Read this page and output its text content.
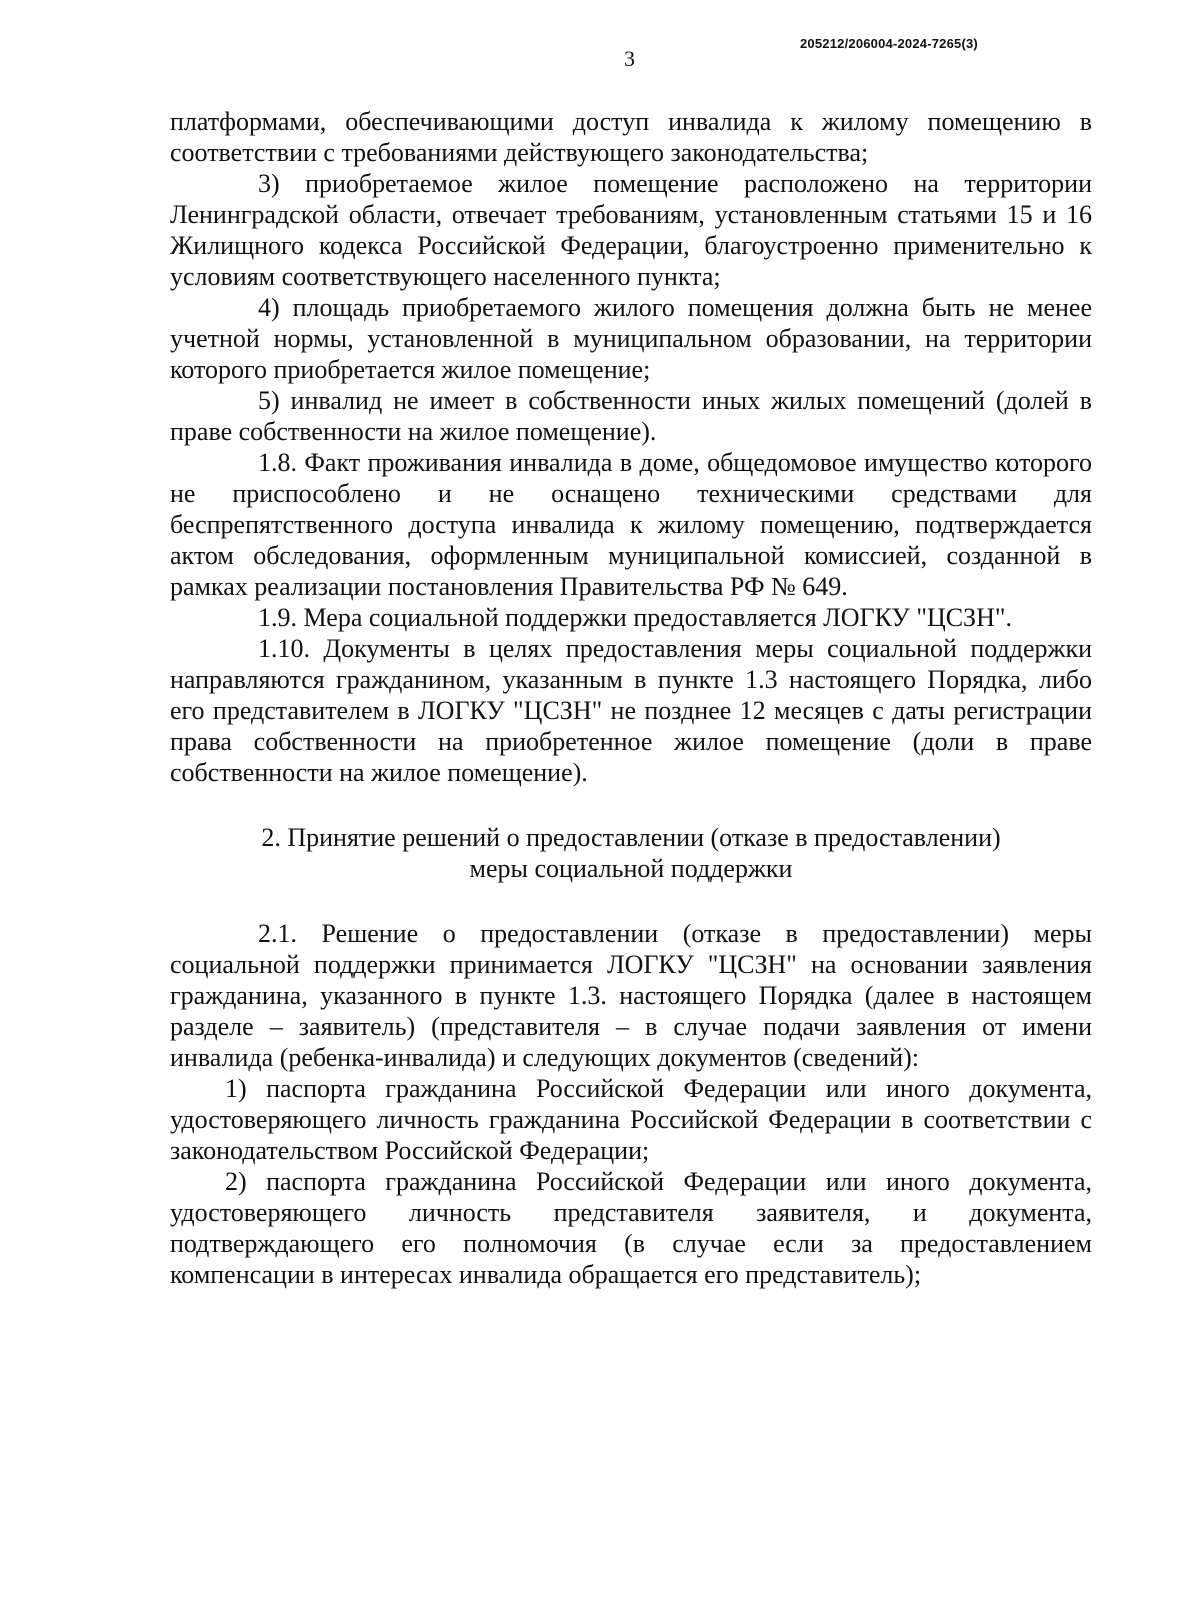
205212/206004-2024-7265(3)
3

платформами, обеспечивающими доступ инвалида к жилому помещению в соответствии с требованиями действующего законодательства;

3) приобретаемое жилое помещение расположено на территории Ленинградской области, отвечает требованиям, установленным статьями 15 и 16 Жилищного кодекса Российской Федерации, благоустроенно применительно к условиям соответствующего населенного пункта;

4) площадь приобретаемого жилого помещения должна быть не менее учетной нормы, установленной в муниципальном образовании, на территории которого приобретается жилое помещение;

5) инвалид не имеет в собственности иных жилых помещений (долей в праве собственности на жилое помещение).

1.8. Факт проживания инвалида в доме, общедомовое имущество которого не приспособлено и не оснащено техническими средствами для беспрепятственного доступа инвалида к жилому помещению, подтверждается актом обследования, оформленным муниципальной комиссией, созданной в рамках реализации постановления Правительства РФ № 649.

1.9. Мера социальной поддержки предоставляется ЛОГКУ "ЦСЗН".

1.10. Документы в целях предоставления меры социальной поддержки направляются гражданином, указанным в пункте 1.3 настоящего Порядка, либо его представителем в ЛОГКУ "ЦСЗН" не позднее 12 месяцев с даты регистрации права собственности на приобретенное жилое помещение (доли в праве собственности на жилое помещение).

2. Принятие решений о предоставлении (отказе в предоставлении)
меры социальной поддержки

2.1. Решение о предоставлении (отказе в предоставлении) меры социальной поддержки принимается ЛОГКУ "ЦСЗН" на основании заявления гражданина, указанного в пункте 1.3. настоящего Порядка (далее в настоящем разделе – заявитель) (представителя – в случае подачи заявления от имени инвалида (ребенка-инвалида) и следующих документов (сведений):

1) паспорта гражданина Российской Федерации или иного документа, удостоверяющего личность гражданина Российской Федерации в соответствии с законодательством Российской Федерации;

2) паспорта гражданина Российской Федерации или иного документа, удостоверяющего личность представителя заявителя, и документа, подтверждающего его полномочия (в случае если за предоставлением компенсации в интересах инвалида обращается его представитель);
